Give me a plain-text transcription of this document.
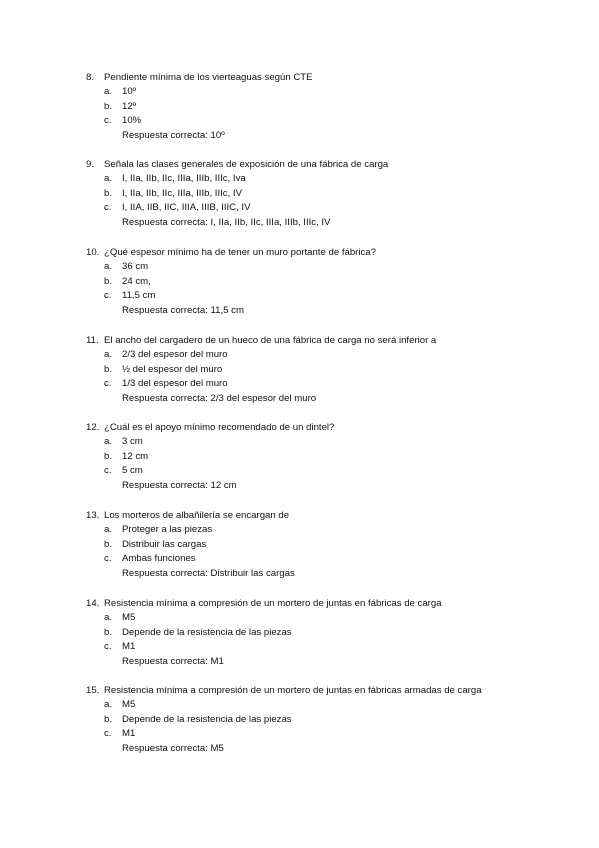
8.	Pendiente mínima de los vierteaguas según CTE
a.	10º
b.	12º
c.	10%
Respuesta correcta: 10º
9.	Señala las clases generales de exposición de una fábrica de carga
a.	I, IIa, IIb, IIc, IIIa, IIIb, IIIc, Iva
b.	I, IIa, IIb, IIc, IIIa, IIIb, IIIc, IV
c.	I, IIA, IIB, IIC, IIIA, IIIB, IIIC, IV
Respuesta correcta: I, IIa, IIb, IIc, IIIa, IIIb, IIIc, IV
10. ¿Qué espesor mínimo ha de tener un muro portante de fábrica?
a.	36 cm
b.	24 cm,
c.	11,5 cm
Respuesta correcta: 11,5 cm
11. El ancho del cargadero de un hueco de una fábrica de carga no será inferior a
a.	2/3 del espesor del muro
b.	½ del espesor del muro
c.	1/3 del espesor del muro
Respuesta correcta: 2/3 del espesor del muro
12. ¿Cuál es el apoyo mínimo recomendado de un dintel?
a.	3 cm
b.	12 cm
c.	5 cm
Respuesta correcta: 12 cm
13. Los morteros de albañilería se encargan de
a.	Proteger a las piezas
b.	Distribuir las cargas
c.	Ambas funciones
Respuesta correcta: Distribuir las cargas
14. Resistencia mínima a compresión de un mortero de juntas en fábricas de carga
a.	M5
b.	Depende de la resistencia de las piezas
c.	M1
Respuesta correcta: M1
15. Resistencia mínima a compresión de un mortero de juntas en fábricas armadas de carga
a.	M5
b.	Depende de la resistencia de las piezas
c.	M1
Respuesta correcta: M5
